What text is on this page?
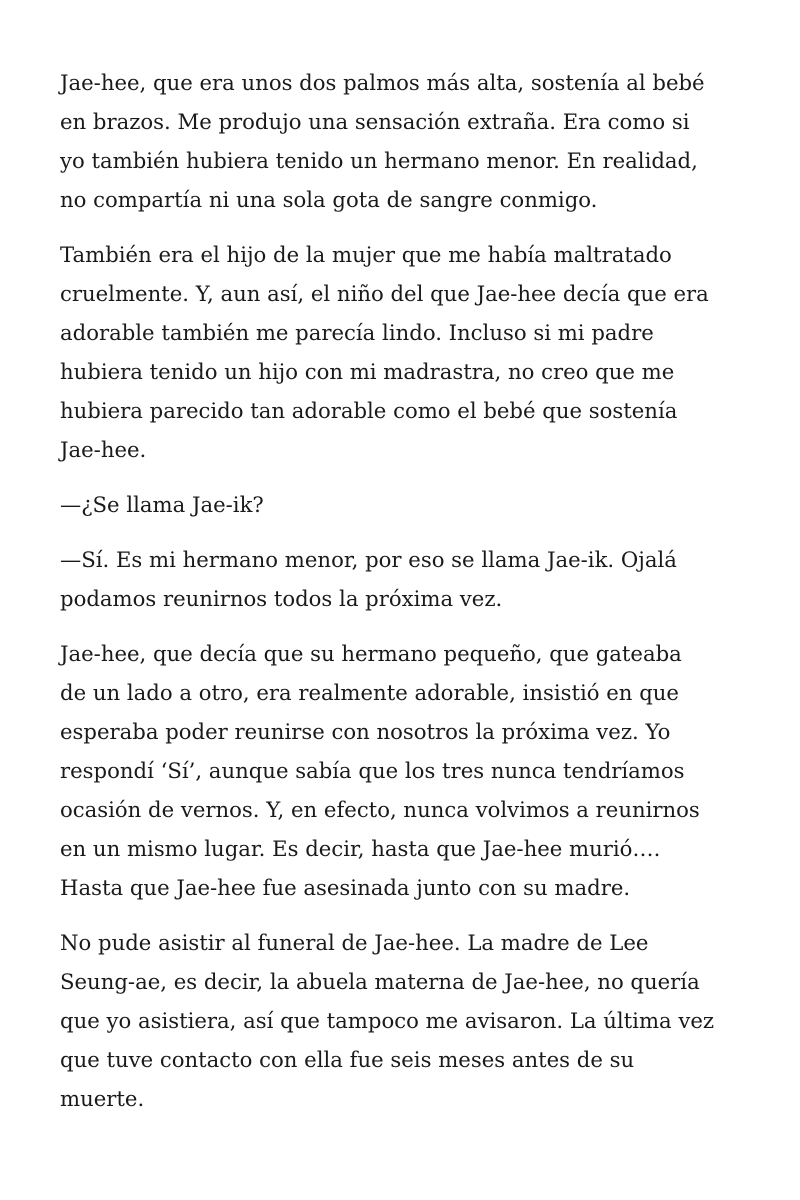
Jae-hee, que era unos dos palmos más alta, sostenía al bebé
en brazos. Me produjo una sensación extraña. Era como si
yo también hubiera tenido un hermano menor. En realidad,
no compartía ni una sola gota de sangre conmigo.

También era el hijo de la mujer que me había maltratado
cruelmente. Y, aun así, el niño del que Jae-hee decía que era
adorable también me parecía lindo. Incluso si mi padre
hubiera tenido un hijo con mi madrastra, no creo que me
hubiera parecido tan adorable como el bebé que sostenía
Jae-hee.

—¿Se llama Jae-ik?

—Sí. Es mi hermano menor, por eso se llama Jae-ik. Ojalá
podamos reunirnos todos la próxima vez.

Jae-hee, que decía que su hermano pequeño, que gateaba
de un lado a otro, era realmente adorable, insistió en que
esperaba poder reunirse con nosotros la próxima vez. Yo
respondí ‘Sí’, aunque sabía que los tres nunca tendríamos
ocasión de vernos. Y, en efecto, nunca volvimos a reunirnos
en un mismo lugar. Es decir, hasta que Jae-hee murió….
Hasta que Jae-hee fue asesinada junto con su madre.

No pude asistir al funeral de Jae-hee. La madre de Lee
Seung-ae, es decir, la abuela materna de Jae-hee, no quería
que yo asistiera, así que tampoco me avisaron. La última vez
que tuve contacto con ella fue seis meses antes de su
muerte.
